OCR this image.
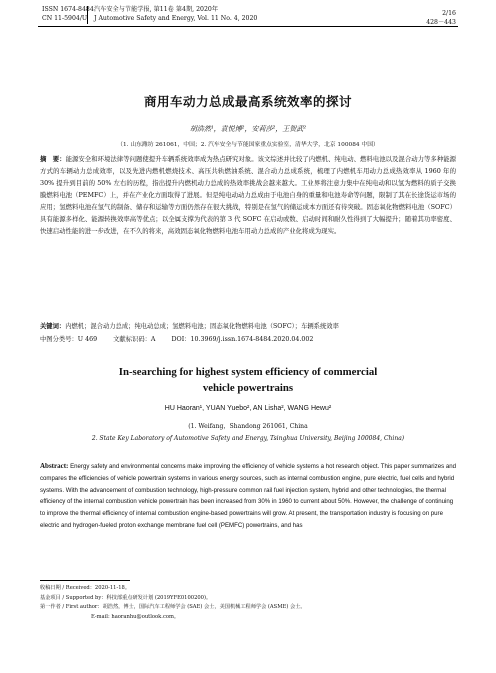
ISSN 1674-8484
CN 11-5904/U
汽车安全与节能学报, 第11卷 第4期, 2020年
J Automotive Safety and Energy, Vol. 11 No. 4, 2020
2/16
428－443
商用车动力总成最高系统效率的探讨
胡浩然¹，袁悦博²，安莉莎²，王贺武²
（1. 山东潍坊 261061，中国；2. 汽车安全与节能国家重点实验室，清华大学，北京 100084 中国）
摘　要：能源安全和环境法律等问题使提升车辆系统效率成为热点研究对象。该文综述并比较了内燃机、纯电动、燃料电池以及混合动力等多种能源方式的车辆动力总成效率，以及先进内燃机燃烧技术、高压共轨燃油系统、混合动力总成系统，梳理了内燃机车用动力总成热效率从 1960 年的 30% 提升到目前的 50% 左右的历程，指出提升内燃机动力总成的热效率挑战会越来越大。工业界将注意力集中在纯电动和以氢为燃料的质子交换膜燃料电池（PEMFC）上，并在产业化方面取得了进展。但是纯电动动力总成由于电池自身的重量和电池寿命等问题，限制了其在长途货运市场的应用；氢燃料电池在氢气的制备、储存和运输等方面仍然存在很大挑战，特别是在氢气的储运成本方面还有待突破。固态氧化物燃料电池（SOFC）具有能源多样化、能源转换效率高等优点；以全属支撑为代表的第 3 代 SOFC 在启动或数、启动时间和耐久性得到了大幅提升；随着其功率密度、快速启动性能的进一步改进，在不久的将来，高效固态氧化物燃料电池车用动力总成的产业化将成为现实。
关键词：内燃机；混合动力总成；纯电动总成；氢燃料电池；固态氧化物燃料电池（SOFC）；车辆系统效率
中图分类号：U 469	文献标识码：A	DOI：10.3969/j.issn.1674-8484.2020.04.002
In-searching for highest system efficiency of commercial
vehicle powertrains
HU Haoran¹, YUAN Yuebo², AN Lisha², WANG Hewu²
(1. Weifang，Shandong 261061, China
2. State Key Laboratory of Automotive Safety and Energy, Tsinghua University, Beijing 100084, China)
Abstract: Energy safety and environmental concerns make improving the efficiency of vehicle systems a hot research object. This paper summarizes and compares the efficiencies of vehicle powertrain systems in various energy sources, such as internal combustion engine, pure electric, fuel cells and hybrid systems. With the advancement of combustion technology, high-pressure common rail fuel injection system, hybrid and other technologies, the thermal efficiency of the internal combustion vehicle powertrain has been increased from 30% in 1960 to current about 50%. However, the challenge of continuing to improve the thermal efficiency of internal combustion engine-based powertrains will grow. At present, the transportation industry is focusing on pure electric and hydrogen-fueled proton exchange membrane fuel cell (PEMFC) powertrains, and has
收稿日期 / Received：2020-11-18。
基金项目 / Supported by：科技部重点研发计划 (2019YFE0100200)。
第一作者 / First author：胡浩然，博士，国际汽车工程师学会 (SAE) 会士，美国机械工程师学会 (ASME) 会士。
E-mail: haoranhu@outlook.com。
